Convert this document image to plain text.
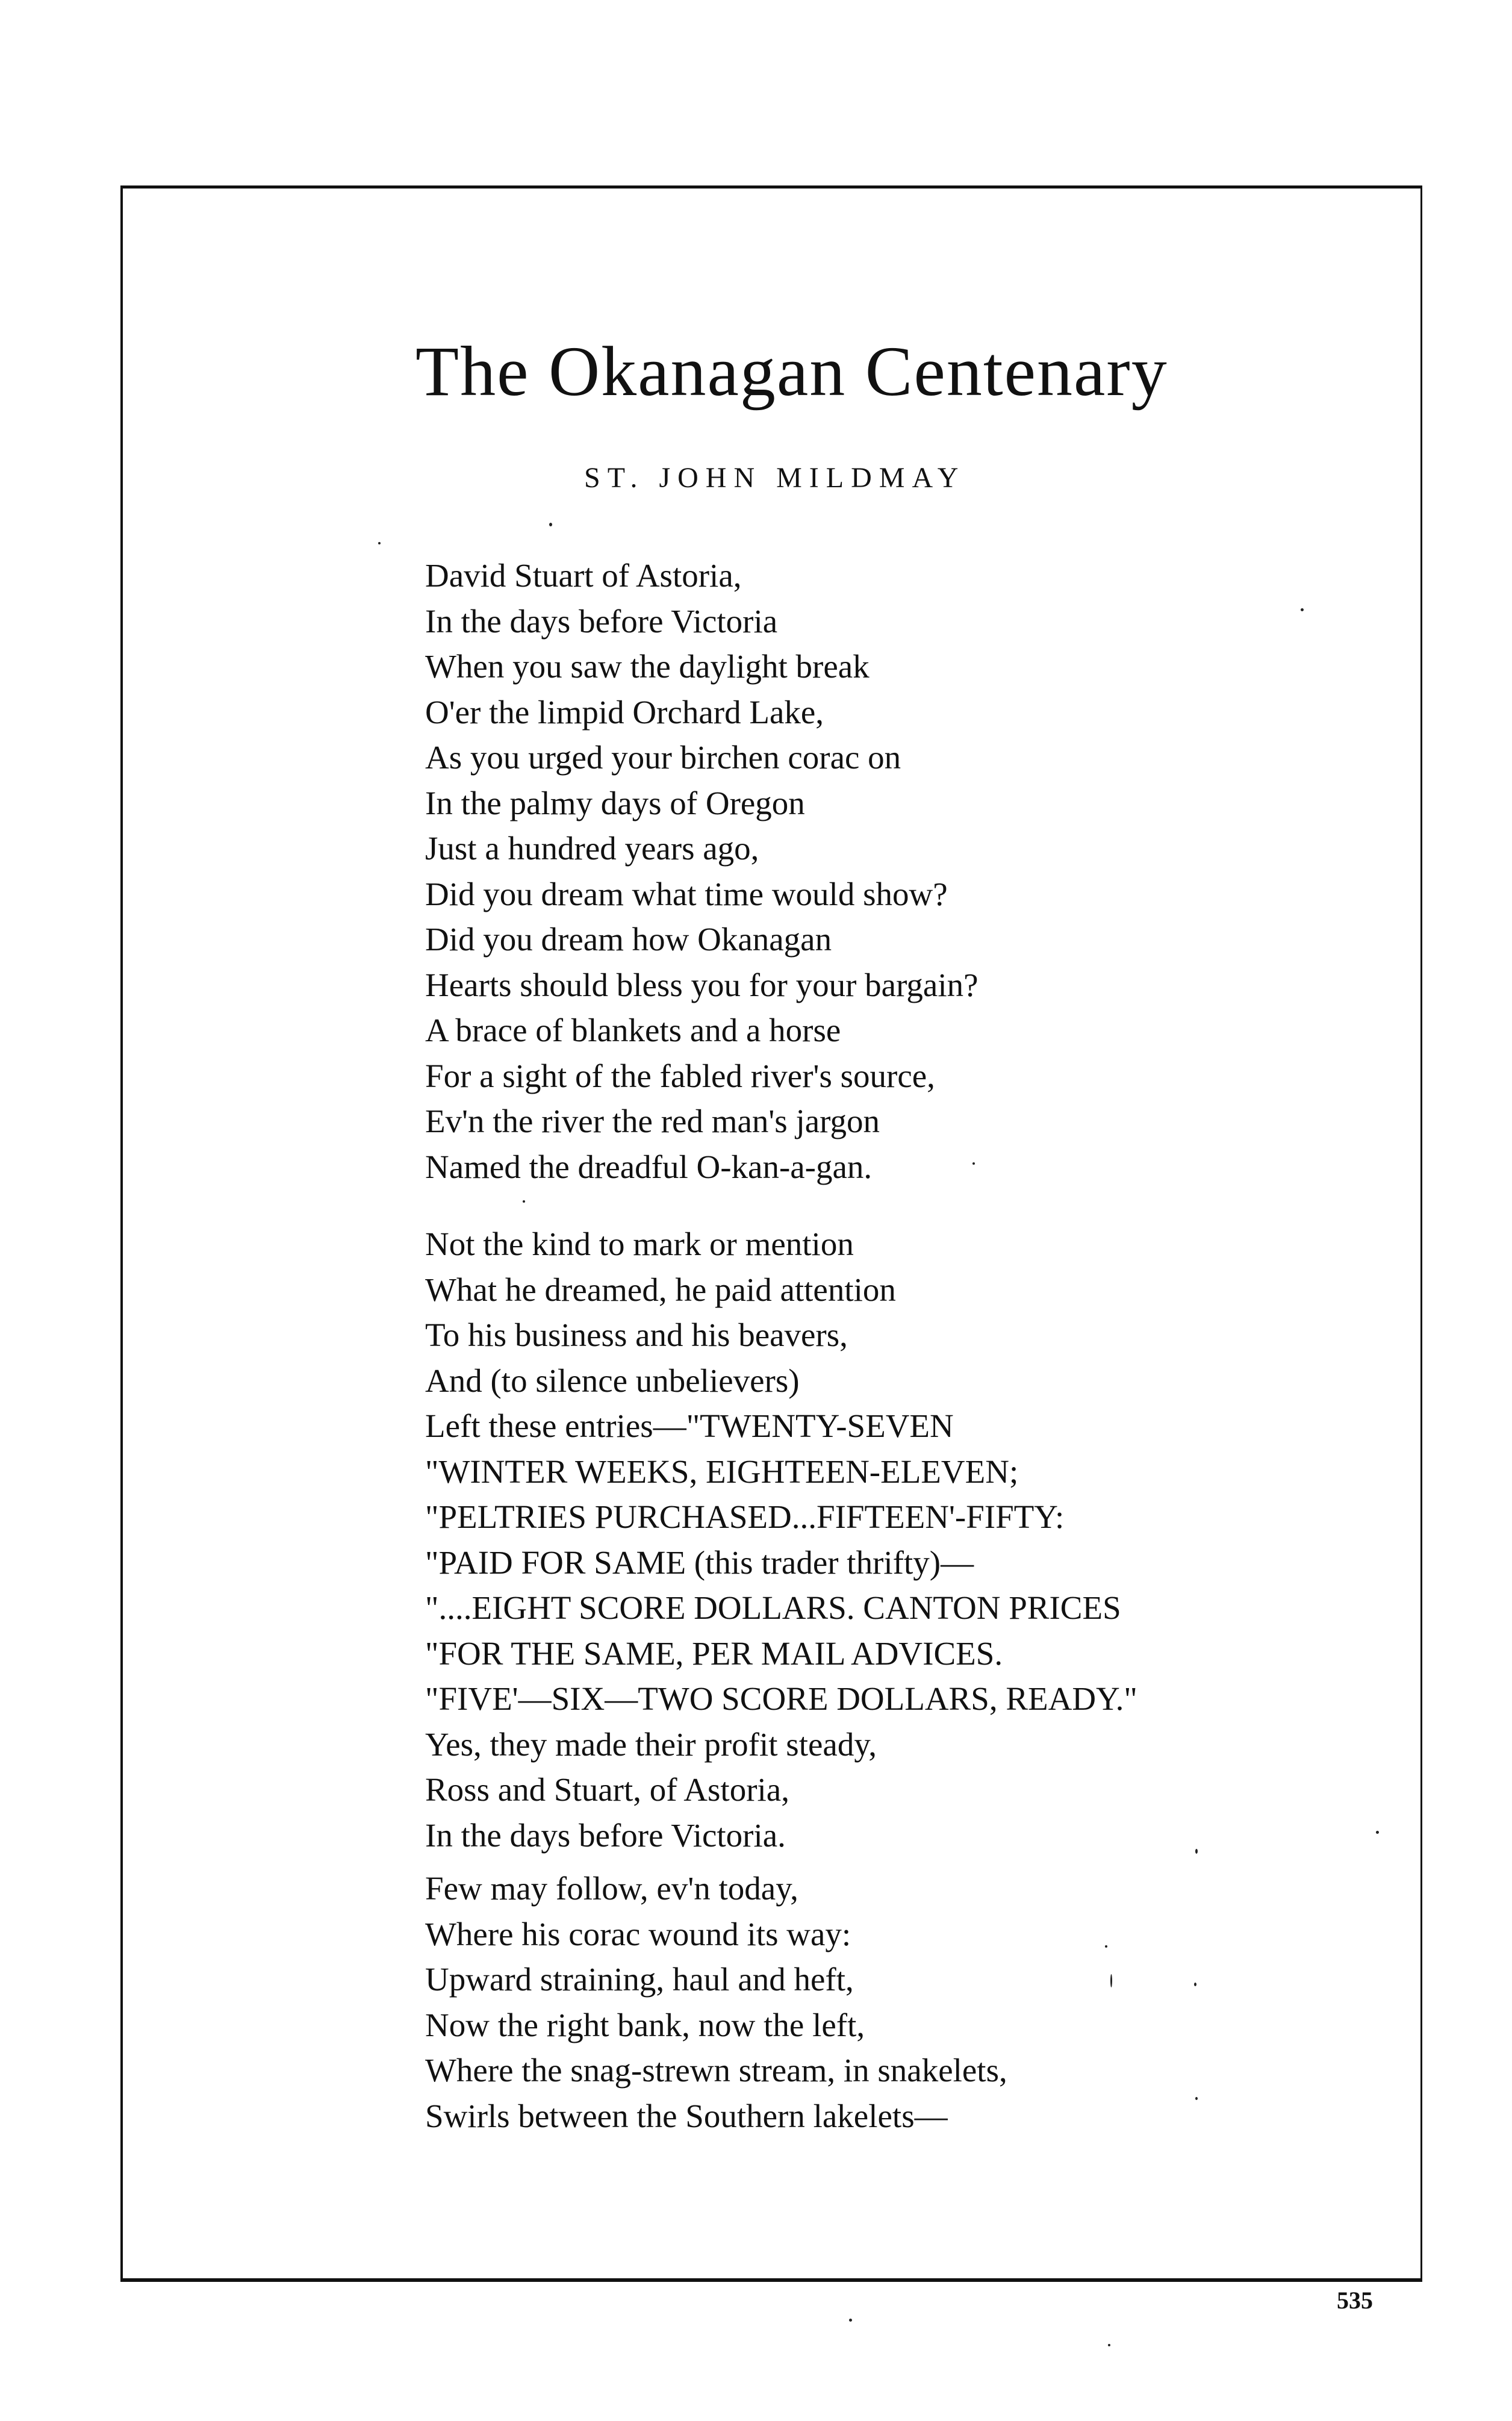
The Okanagan Centenary

ST. JOHN MILDMAY

David Stuart of Astoria,
In the days before Victoria
When you saw the daylight break
O'er the limpid Orchard Lake,
As you urged your birchen corac on
In the palmy days of Oregon
Just a hundred years ago,
Did you dream what time would show?
Did you dream how Okanagan
Hearts should bless you for your bargain?
A brace of blankets and a horse
For a sight of the fabled river's source,
Ev'n the river the red man's jargon
Named the dreadful O-kan-a-gan.
Not the kind to mark or mention
What he dreamed, he paid attention
To his business and his beavers,
And (to silence unbelievers)
Left these entries—"TWENTY-SEVEN
"WINTER WEEKS, EIGHTEEN-ELEVEN;
"PELTRIES PURCHASED...FIFTEEN'-FIFTY:
"PAID FOR SAME (this trader thrifty)—
"....EIGHT SCORE DOLLARS. CANTON PRICES
"FOR THE SAME, PER MAIL ADVICES.
"FIVE'—SIX—TWO SCORE DOLLARS, READY."
Yes, they made their profit steady,
Ross and Stuart, of Astoria,
In the days before Victoria.
Few may follow, ev'n today,
Where his corac wound its way:
Upward straining, haul and heft,
Now the right bank, now the left,
Where the snag-strewn stream, in snakelets,
Swirls between the Southern lakelets—
535
